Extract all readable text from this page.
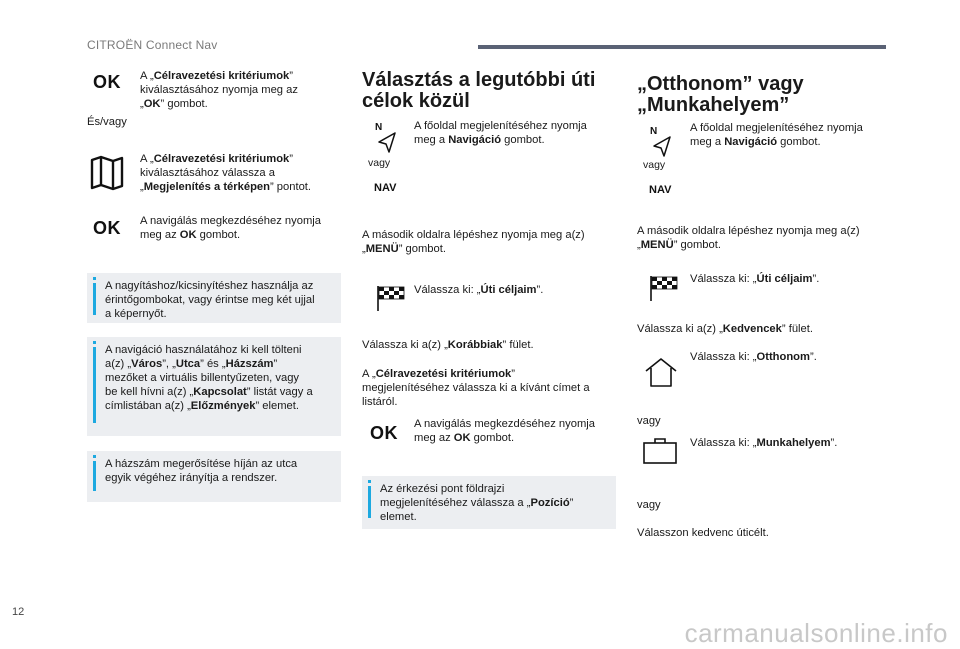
CITROËN Connect Nav
OK A „Célravezetési kritériumok”
kiválasztásához nyomja meg az
„OK” gombot.
És/vagy
A „Célravezetési kritériumok”
kiválasztásához válassza a
„Megjelenítés a térképen” pontot.
OK A navigálás megkezdéséhez nyomja
meg az OK gombot.
A nagyításhoz/kicsinyítéshez használja az
érintőgombokat, vagy érintse meg két ujjal
a képernyőt.
A navigáció használatához ki kell tölteni
a(z) „Város”, „Utca” és „Házszám”
mezőket a virtuális billentyűzeten, vagy
be kell hívni a(z) „Kapcsolat” listát vagy a
címlistában a(z) „Előzmények” elemet.
A házszám megerősítése híján az utca
egyik végéhez irányítja a rendszer.
Választás a legutóbbi úti
célok közül
N
vagy
NAV
A főoldal megjelenítéséhez nyomja
meg a Navigáció gombot.
A második oldalra lépéshez nyomja meg a(z)
„MENÜ” gombot.
Válassza ki: „Úti céljaim”.
Válassza ki a(z) „Korábbiak” fület.
A „Célravezetési kritériumok”
megjelenítéséhez válassza ki a kívánt címet a
listáról.
OK A navigálás megkezdéséhez nyomja
meg az OK gombot.
Az érkezési pont földrajzi
megjelenítéséhez válassza a „Pozíció”
elemet.
„Otthonom” vagy
„Munkahelyem”
N
vagy
NAV
A főoldal megjelenítéséhez nyomja
meg a Navigáció gombot.
A második oldalra lépéshez nyomja meg a(z)
„MENÜ” gombot.
Válassza ki: „Úti céljaim”.
Válassza ki a(z) „Kedvencek” fület.
Válassza ki: „Otthonom”.
vagy
Válassza ki: „Munkahelyem”.
vagy
Válasszon kedvenc úticélt.
12
carmanualsonline.info
